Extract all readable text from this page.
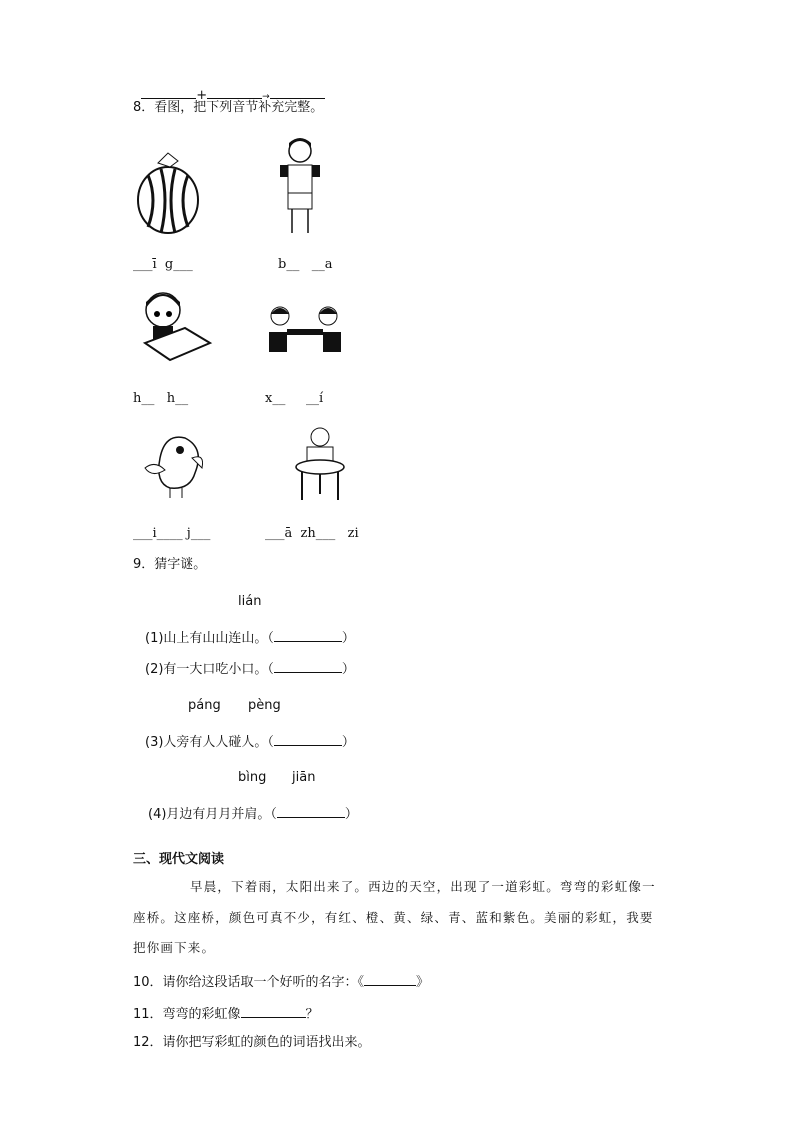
+	→

8．看图，把下列音节补充完整。
___ī  g___	b__   __a
h__   h__	x__     __í
___i____ j___	___ā  zh___   zi
9．猜字谜。
lián
(1)山上有山山连山。（	）
(2)有一大口吃小口。（	）
páng pèng
(3)人旁有人人碰人。（	）
bìng jiān
(4)月边有月月并肩。（	）
三、现代文阅读
早晨，下着雨，太阳出来了。西边的天空，出现了一道彩虹。弯弯的彩虹像一
座桥。这座桥，颜色可真不少，有红、橙、黄、绿、青、蓝和紫色。美丽的彩虹，我要
把你画下来。
10．请你给这段话取一个好听的名字：《	》
11．弯弯的彩虹像	？
12．请你把写彩虹的颜色的词语找出来。
